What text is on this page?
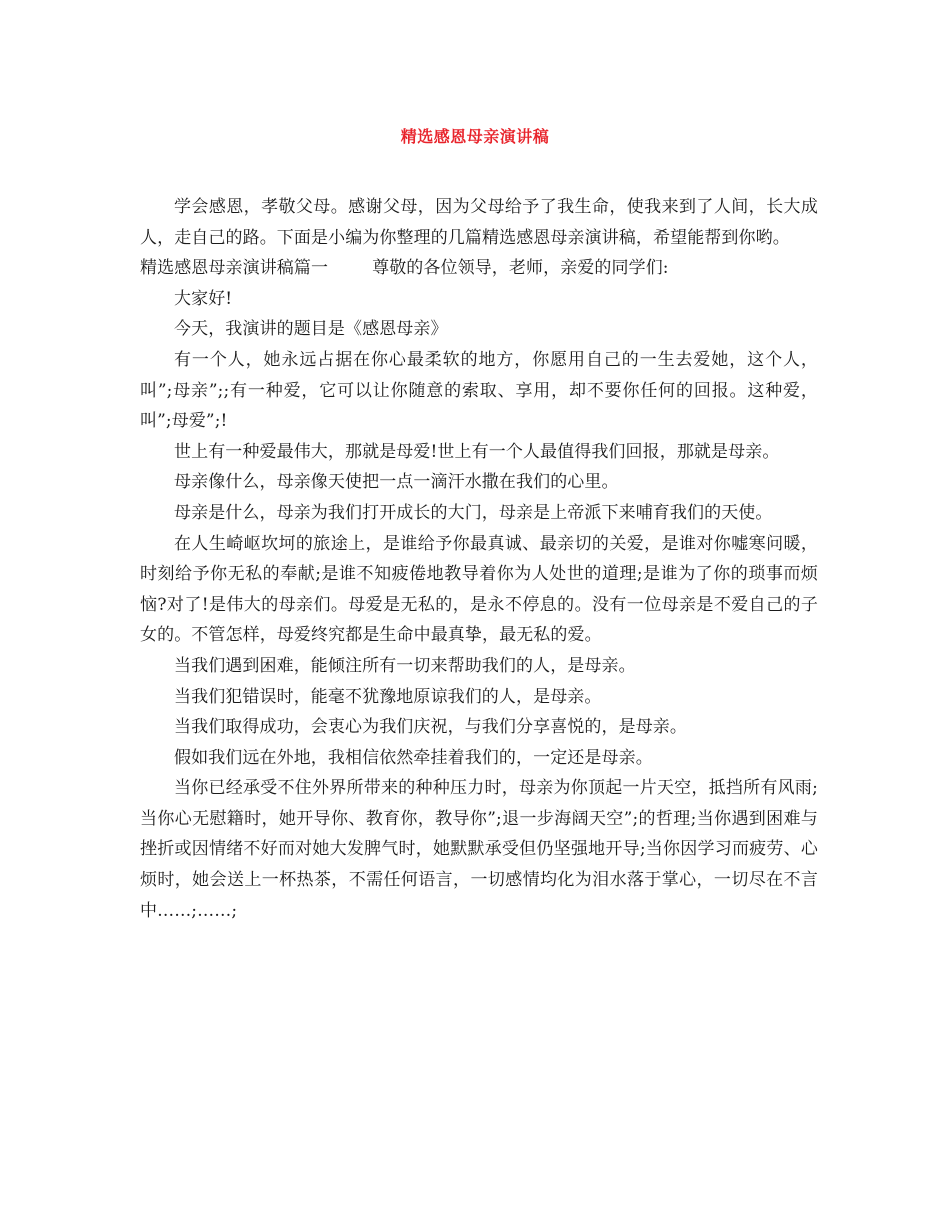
精选感恩母亲演讲稿

学会感恩，孝敬父母。感谢父母，因为父母给予了我生命，使我来到了人间，长大成人，走自己的路。下面是小编为你整理的几篇精选感恩母亲演讲稿，希望能帮到你哟。

精选感恩母亲演讲稿篇一	尊敬的各位领导，老师，亲爱的同学们:

大家好!

今天，我演讲的题目是《感恩母亲》

有一个人，她永远占据在你心最柔软的地方，你愿用自己的一生去爱她，这个人，叫”;母亲”;;有一种爱，它可以让你随意的索取、享用，却不要你任何的回报。这种爱，叫”;母爱”;!

世上有一种爱最伟大，那就是母爱!世上有一个人最值得我们回报，那就是母亲。

母亲像什么，母亲像天使把一点一滴汗水撒在我们的心里。

母亲是什么，母亲为我们打开成长的大门，母亲是上帝派下来哺育我们的天使。

在人生崎岖坎坷的旅途上，是谁给予你最真诚、最亲切的关爱，是谁对你嘘寒问暖，时刻给予你无私的奉献;是谁不知疲倦地教导着你为人处世的道理;是谁为了你的琐事而烦恼?对了!是伟大的母亲们。母爱是无私的，是永不停息的。没有一位母亲是不爱自己的子女的。不管怎样，母爱终究都是生命中最真挚，最无私的爱。

当我们遇到困难，能倾注所有一切来帮助我们的人，是母亲。

当我们犯错误时，能毫不犹豫地原谅我们的人，是母亲。

当我们取得成功，会衷心为我们庆祝，与我们分享喜悦的，是母亲。

假如我们远在外地，我相信依然牵挂着我们的，一定还是母亲。

当你已经承受不住外界所带来的种种压力时，母亲为你顶起一片天空，抵挡所有风雨;当你心无慰籍时，她开导你、教育你，教导你”;退一步海阔天空”;的哲理;当你遇到困难与挫折或因情绪不好而对她大发脾气时，她默默承受但仍坚强地开导;当你因学习而疲劳、心烦时，她会送上一杯热茶，不需任何语言，一切感情均化为泪水落于掌心，一切尽在不言中……;……;
